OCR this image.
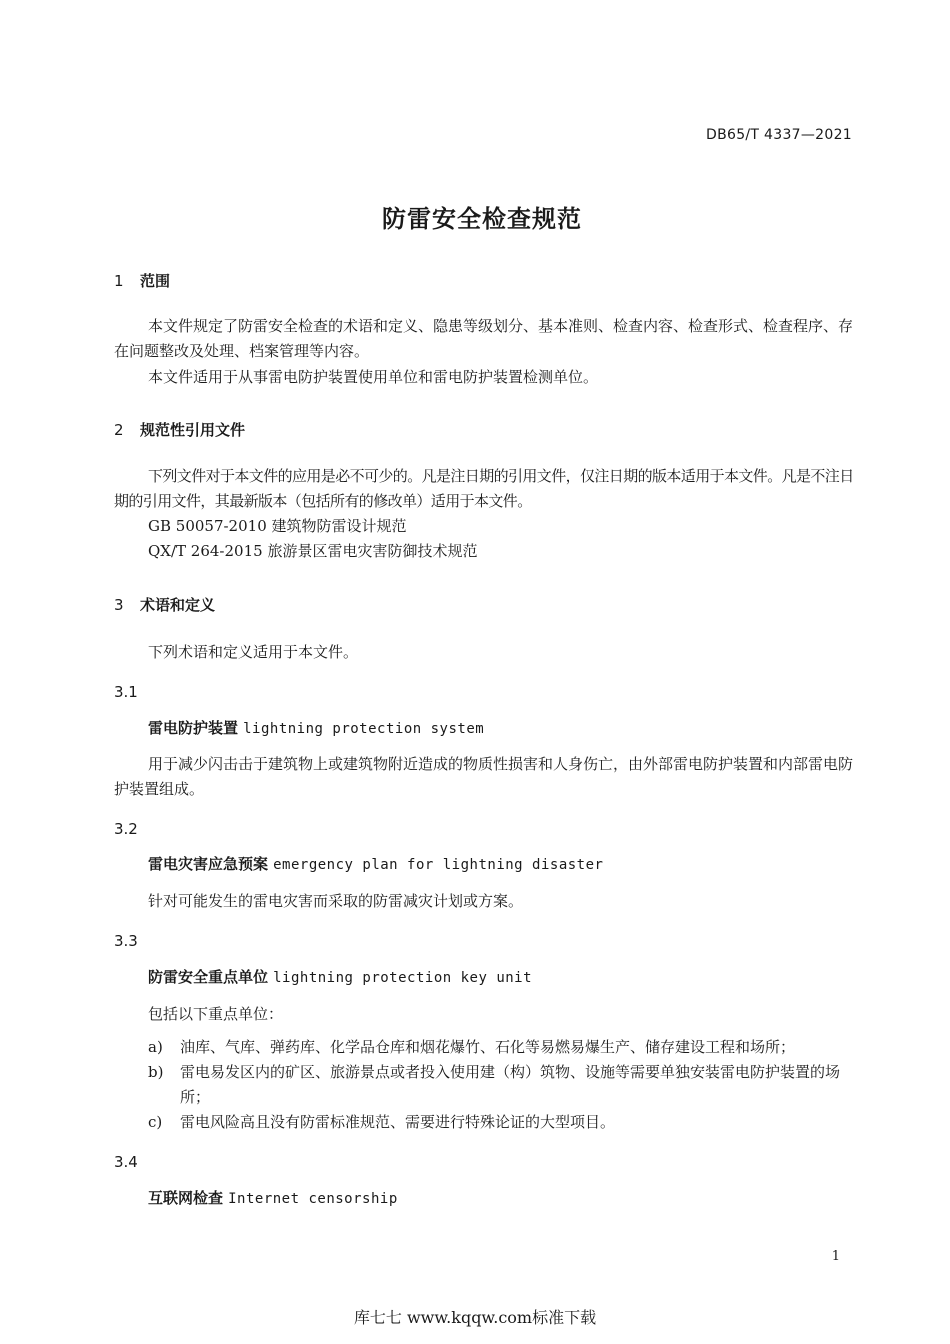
DB65/T 4337—2021
防雷安全检查规范
1 范围
本文件规定了防雷安全检查的术语和定义、隐患等级划分、基本准则、检查内容、检查形式、检查程序、存在问题整改及处理、档案管理等内容。
本文件适用于从事雷电防护装置使用单位和雷电防护装置检测单位。
2 规范性引用文件
下列文件对于本文件的应用是必不可少的。凡是注日期的引用文件，仅注日期的版本适用于本文件。凡是不注日期的引用文件，其最新版本（包括所有的修改单）适用于本文件。
GB 50057-2010 建筑物防雷设计规范
QX/T 264-2015 旅游景区雷电灾害防御技术规范
3 术语和定义
下列术语和定义适用于本文件。
3.1
雷电防护装置 lightning protection system
用于减少闪击击于建筑物上或建筑物附近造成的物质性损害和人身伤亡，由外部雷电防护装置和内部雷电防护装置组成。
3.2
雷电灾害应急预案 emergency plan for lightning disaster
针对可能发生的雷电灾害而采取的防雷减灾计划或方案。
3.3
防雷安全重点单位 lightning protection key unit
包括以下重点单位：
a) 油库、气库、弹药库、化学品仓库和烟花爆竹、石化等易燃易爆生产、储存建设工程和场所；
b) 雷电易发区内的矿区、旅游景点或者投入使用建（构）筑物、设施等需要单独安装雷电防护装置的场所；
c) 雷电风险高且没有防雷标准规范、需要进行特殊论证的大型项目。
3.4
互联网检查 Internet censorship
1
库七七 www.kqqw.com标准下载
